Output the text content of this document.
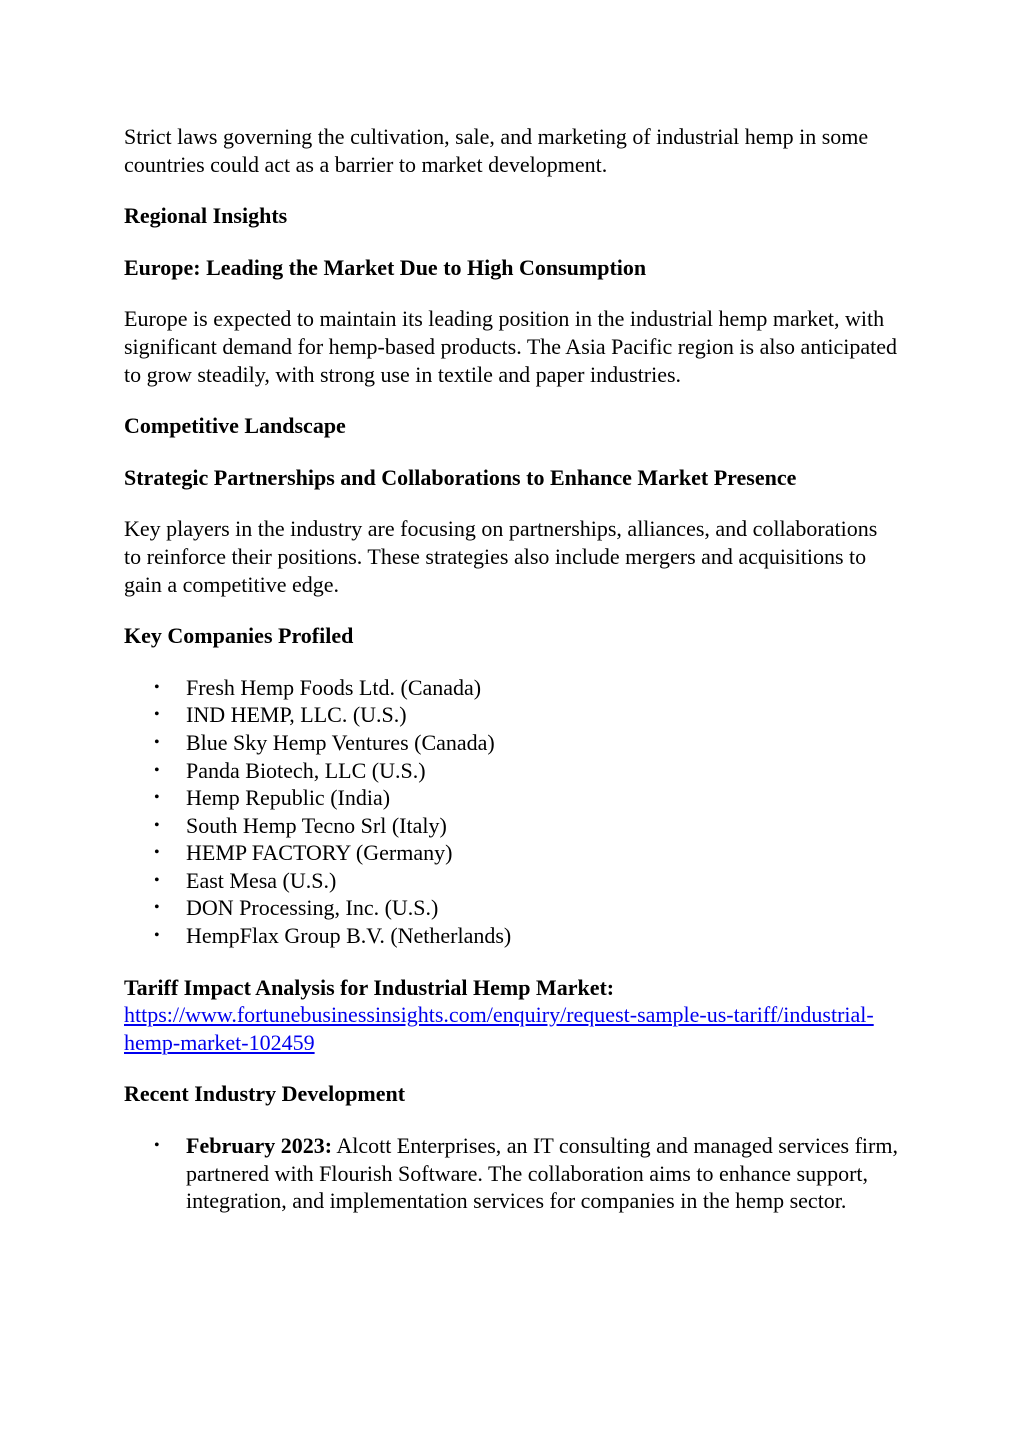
Strict laws governing the cultivation, sale, and marketing of industrial hemp in some countries could act as a barrier to market development.

Regional Insights

Europe: Leading the Market Due to High Consumption

Europe is expected to maintain its leading position in the industrial hemp market, with significant demand for hemp-based products. The Asia Pacific region is also anticipated to grow steadily, with strong use in textile and paper industries.

Competitive Landscape

Strategic Partnerships and Collaborations to Enhance Market Presence

Key players in the industry are focusing on partnerships, alliances, and collaborations to reinforce their positions. These strategies also include mergers and acquisitions to gain a competitive edge.

Key Companies Profiled

• Fresh Hemp Foods Ltd. (Canada)
• IND HEMP, LLC. (U.S.)
• Blue Sky Hemp Ventures (Canada)
• Panda Biotech, LLC (U.S.)
• Hemp Republic (India)
• South Hemp Tecno Srl (Italy)
• HEMP FACTORY (Germany)
• East Mesa (U.S.)
• DON Processing, Inc. (U.S.)
• HempFlax Group B.V. (Netherlands)

Tariff Impact Analysis for Industrial Hemp Market: https://www.fortunebusinessinsights.com/enquiry/request-sample-us-tariff/industrial-hemp-market-102459

Recent Industry Development

• February 2023: Alcott Enterprises, an IT consulting and managed services firm, partnered with Flourish Software. The collaboration aims to enhance support, integration, and implementation services for companies in the hemp sector.
